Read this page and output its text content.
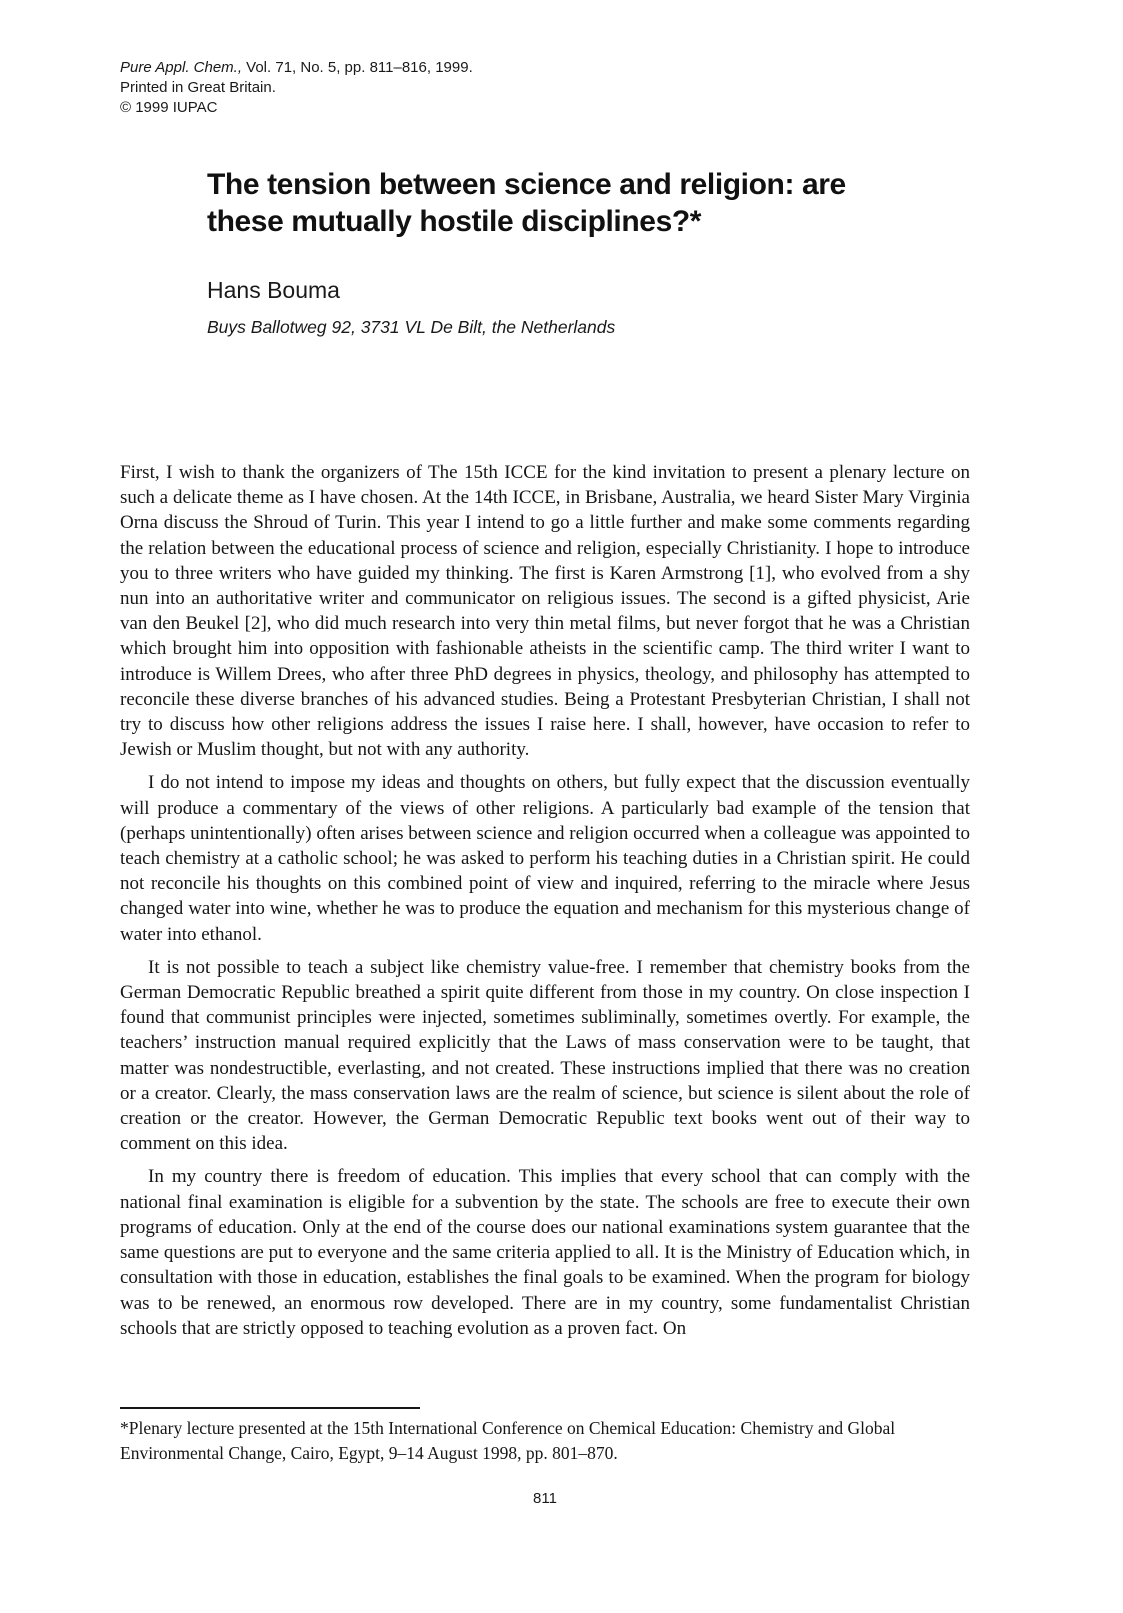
Pure Appl. Chem., Vol. 71, No. 5, pp. 811–816, 1999.
Printed in Great Britain.
© 1999 IUPAC
The tension between science and religion: are
these mutually hostile disciplines?*
Hans Bouma
Buys Ballotweg 92, 3731 VL De Bilt, the Netherlands

First, I wish to thank the organizers of The 15th ICCE for the kind invitation to present a plenary lecture on such a delicate theme as I have chosen. At the 14th ICCE, in Brisbane, Australia, we heard Sister Mary Virginia Orna discuss the Shroud of Turin. This year I intend to go a little further and make some comments regarding the relation between the educational process of science and religion, especially Christianity. I hope to introduce you to three writers who have guided my thinking. The first is Karen Armstrong [1], who evolved from a shy nun into an authoritative writer and communicator on religious issues. The second is a gifted physicist, Arie van den Beukel [2], who did much research into very thin metal films, but never forgot that he was a Christian which brought him into opposition with fashionable atheists in the scientific camp. The third writer I want to introduce is Willem Drees, who after three PhD degrees in physics, theology, and philosophy has attempted to reconcile these diverse branches of his advanced studies. Being a Protestant Presbyterian Christian, I shall not try to discuss how other religions address the issues I raise here. I shall, however, have occasion to refer to Jewish or Muslim thought, but not with any authority.

I do not intend to impose my ideas and thoughts on others, but fully expect that the discussion eventually will produce a commentary of the views of other religions. A particularly bad example of the tension that (perhaps unintentionally) often arises between science and religion occurred when a colleague was appointed to teach chemistry at a catholic school; he was asked to perform his teaching duties in a Christian spirit. He could not reconcile his thoughts on this combined point of view and inquired, referring to the miracle where Jesus changed water into wine, whether he was to produce the equation and mechanism for this mysterious change of water into ethanol.

It is not possible to teach a subject like chemistry value-free. I remember that chemistry books from the German Democratic Republic breathed a spirit quite different from those in my country. On close inspection I found that communist principles were injected, sometimes subliminally, sometimes overtly. For example, the teachers’ instruction manual required explicitly that the Laws of mass conservation were to be taught, that matter was nondestructible, everlasting, and not created. These instructions implied that there was no creation or a creator. Clearly, the mass conservation laws are the realm of science, but science is silent about the role of creation or the creator. However, the German Democratic Republic text books went out of their way to comment on this idea.

In my country there is freedom of education. This implies that every school that can comply with the national final examination is eligible for a subvention by the state. The schools are free to execute their own programs of education. Only at the end of the course does our national examinations system guarantee that the same questions are put to everyone and the same criteria applied to all. It is the Ministry of Education which, in consultation with those in education, establishes the final goals to be examined. When the program for biology was to be renewed, an enormous row developed. There are in my country, some fundamentalist Christian schools that are strictly opposed to teaching evolution as a proven fact. On

*Plenary lecture presented at the 15th International Conference on Chemical Education: Chemistry and Global Environmental Change, Cairo, Egypt, 9–14 August 1998, pp. 801–870.
811
